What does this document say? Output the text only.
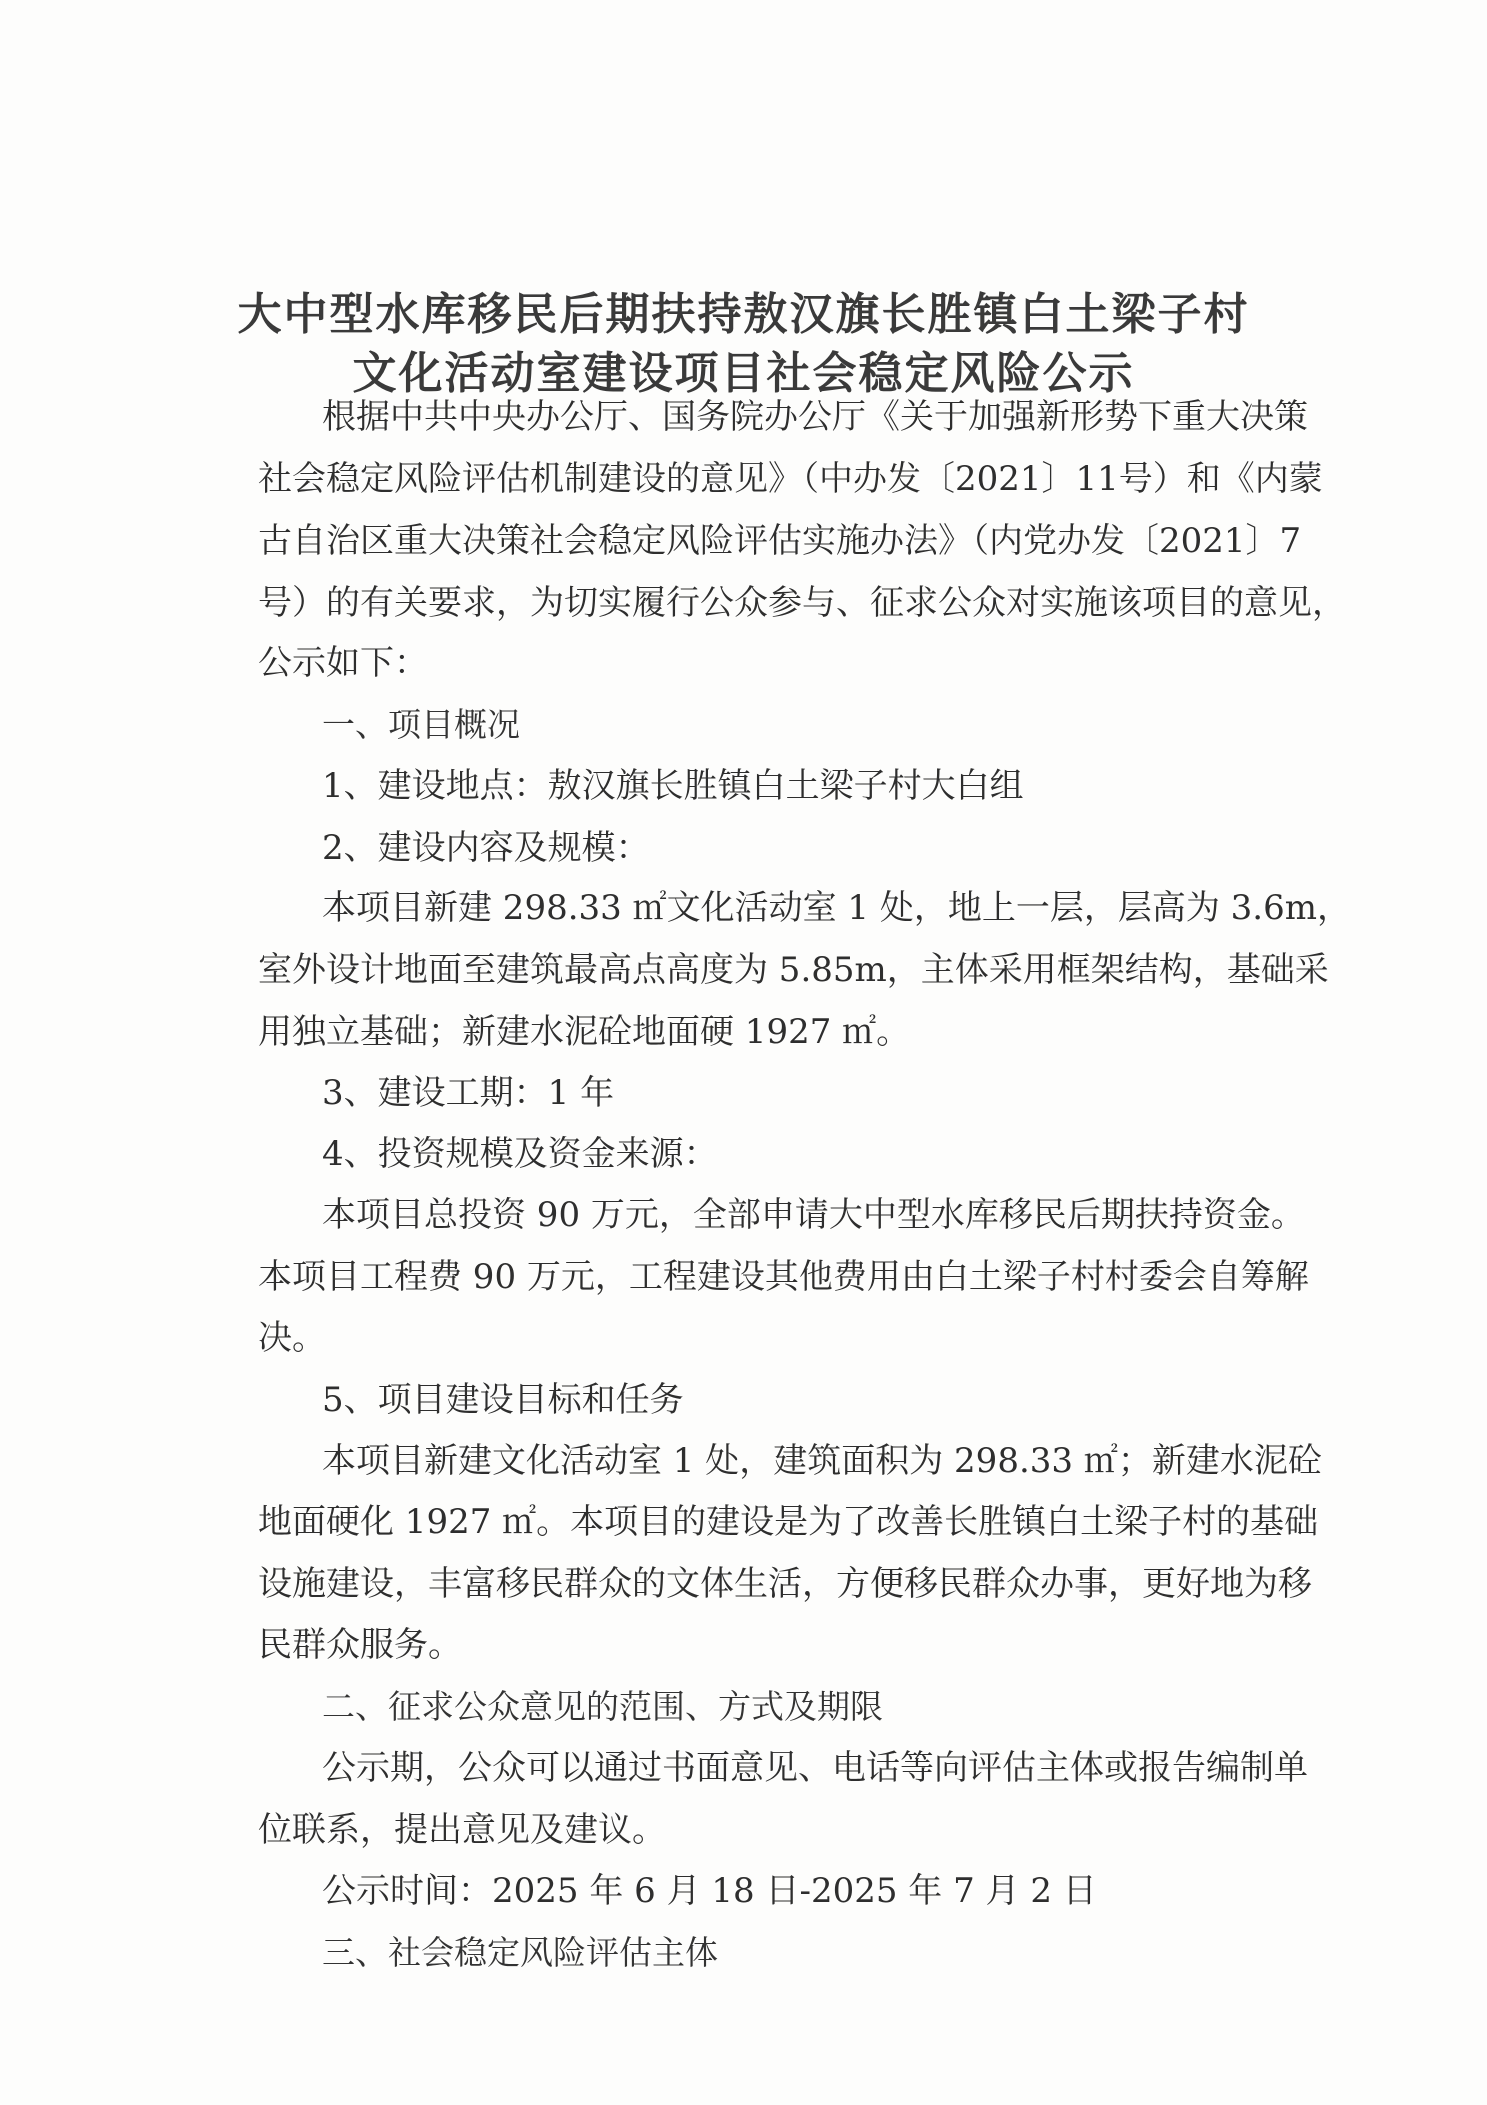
大中型水库移民后期扶持敖汉旗长胜镇白土梁子村
文化活动室建设项目社会稳定风险公示
根据中共中央办公厅、国务院办公厅《关于加强新形势下重大决策
社会稳定风险评估机制建设的意见》（中办发〔2021〕11号）和《内蒙
古自治区重大决策社会稳定风险评估实施办法》（内党办发〔2021〕7
号）的有关要求，为切实履行公众参与、征求公众对实施该项目的意见，
公示如下：
一、项目概况
1、建设地点：敖汉旗长胜镇白土梁子村大白组
2、建设内容及规模：
本项目新建 298.33 ㎡文化活动室 1 处，地上一层，层高为 3.6m，
室外设计地面至建筑最高点高度为 5.85m，主体采用框架结构，基础采
用独立基础；新建水泥砼地面硬 1927 ㎡。
3、建设工期：1 年
4、投资规模及资金来源：
本项目总投资 90 万元，全部申请大中型水库移民后期扶持资金。
本项目工程费 90 万元，工程建设其他费用由白土梁子村村委会自筹解
决。
5、项目建设目标和任务
本项目新建文化活动室 1 处，建筑面积为 298.33 ㎡；新建水泥砼
地面硬化 1927 ㎡。本项目的建设是为了改善长胜镇白土梁子村的基础
设施建设，丰富移民群众的文体生活，方便移民群众办事，更好地为移
民群众服务。
二、征求公众意见的范围、方式及期限
公示期，公众可以通过书面意见、电话等向评估主体或报告编制单
位联系，提出意见及建议。
公示时间：2025 年 6 月 18 日-2025 年 7 月 2 日
三、社会稳定风险评估主体
